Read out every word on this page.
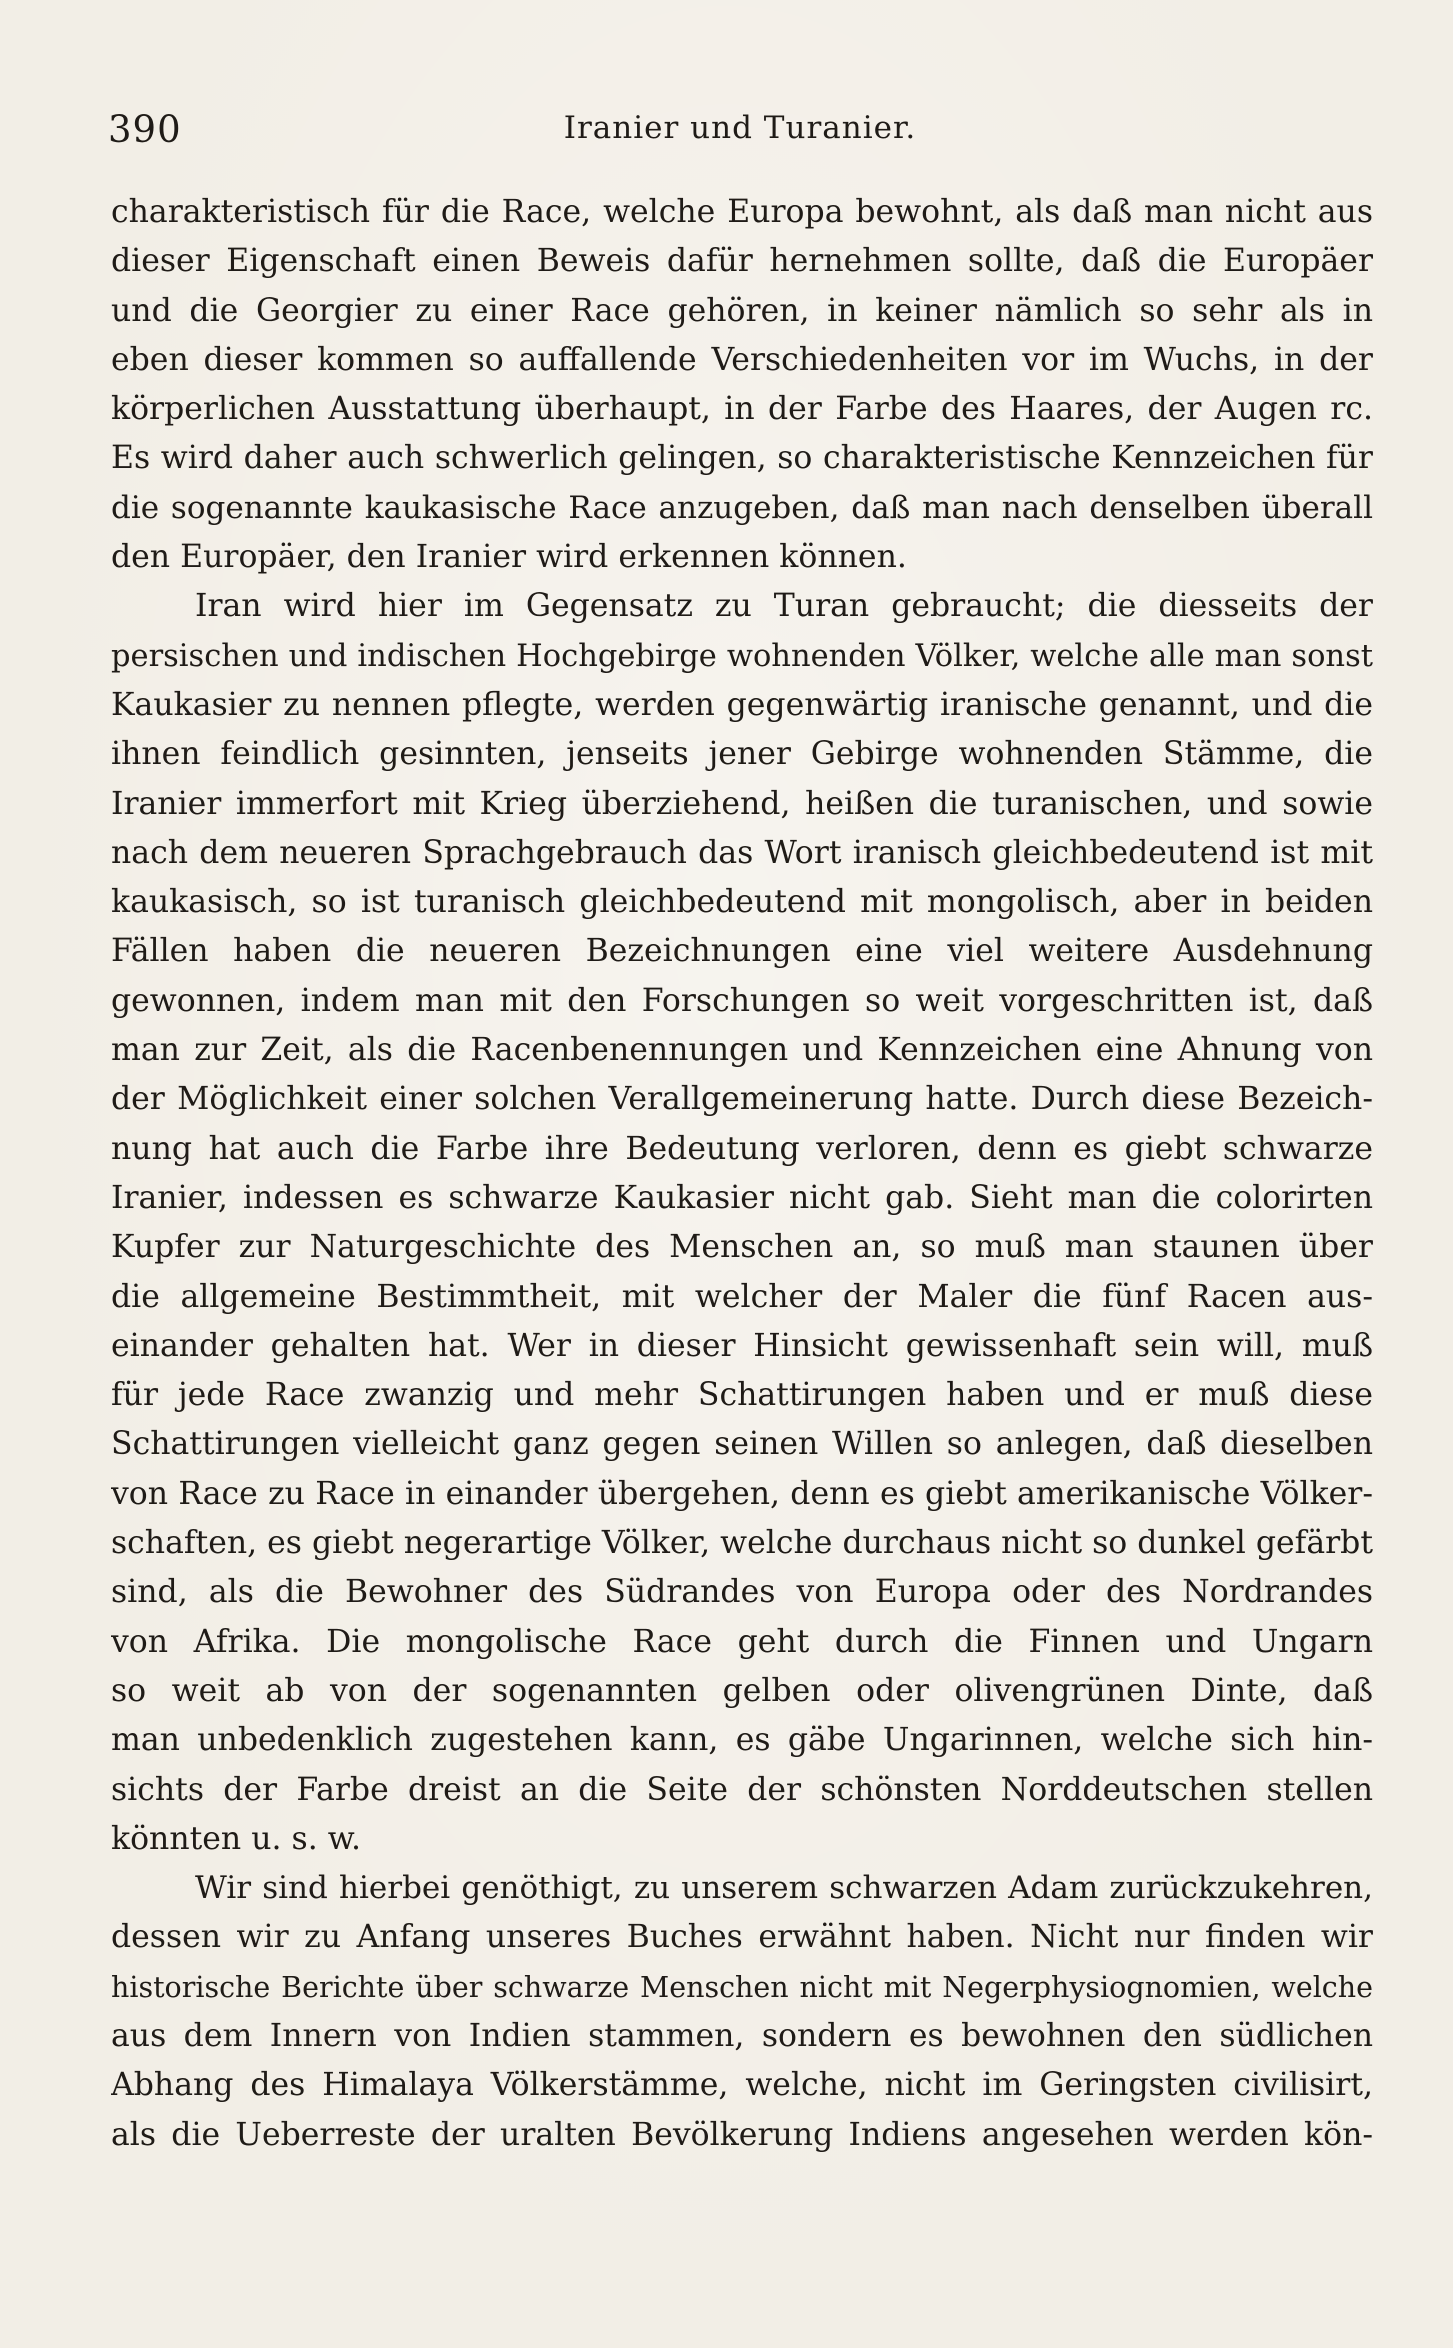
390	Iranier und Turanier.
charakteristisch für die Race, welche Europa bewohnt, als daß man nicht aus
dieser Eigenschaft einen Beweis dafür hernehmen sollte, daß die Europäer
und die Georgier zu einer Race gehören, in keiner nämlich so sehr als in
eben dieser kommen so auffallende Verschiedenheiten vor im Wuchs, in der
körperlichen Ausstattung überhaupt, in der Farbe des Haares, der Augen rc.
Es wird daher auch schwerlich gelingen, so charakteristische Kennzeichen für
die sogenannte kaukasische Race anzugeben, daß man nach denselben überall
den Europäer, den Iranier wird erkennen können.
Iran wird hier im Gegensatz zu Turan gebraucht; die diesseits der
persischen und indischen Hochgebirge wohnenden Völker, welche alle man sonst
Kaukasier zu nennen pflegte, werden gegenwärtig iranische genannt, und die
ihnen feindlich gesinnten, jenseits jener Gebirge wohnenden Stämme, die
Iranier immerfort mit Krieg überziehend, heißen die turanischen, und sowie
nach dem neueren Sprachgebrauch das Wort iranisch gleichbedeutend ist mit
kaukasisch, so ist turanisch gleichbedeutend mit mongolisch, aber in beiden
Fällen haben die neueren Bezeichnungen eine viel weitere Ausdehnung
gewonnen, indem man mit den Forschungen so weit vorgeschritten ist, daß
man zur Zeit, als die Racenbenennungen und Kennzeichen eine Ahnung von
der Möglichkeit einer solchen Verallgemeinerung hatte. Durch diese Bezeich-
nung hat auch die Farbe ihre Bedeutung verloren, denn es giebt schwarze
Iranier, indessen es schwarze Kaukasier nicht gab. Sieht man die colorirten
Kupfer zur Naturgeschichte des Menschen an, so muß man staunen über
die allgemeine Bestimmtheit, mit welcher der Maler die fünf Racen aus-
einander gehalten hat. Wer in dieser Hinsicht gewissenhaft sein will, muß
für jede Race zwanzig und mehr Schattirungen haben und er muß diese
Schattirungen vielleicht ganz gegen seinen Willen so anlegen, daß dieselben
von Race zu Race in einander übergehen, denn es giebt amerikanische Völker-
schaften, es giebt negerartige Völker, welche durchaus nicht so dunkel gefärbt
sind, als die Bewohner des Südrandes von Europa oder des Nordrandes
von Afrika. Die mongolische Race geht durch die Finnen und Ungarn
so weit ab von der sogenannten gelben oder olivengrünen Dinte, daß
man unbedenklich zugestehen kann, es gäbe Ungarinnen, welche sich hin-
sichts der Farbe dreist an die Seite der schönsten Norddeutschen stellen
könnten u. s. w.
Wir sind hierbei genöthigt, zu unserem schwarzen Adam zurückzukehren,
dessen wir zu Anfang unseres Buches erwähnt haben. Nicht nur finden wir
historische Berichte über schwarze Menschen nicht mit Negerphysiognomien, welche
aus dem Innern von Indien stammen, sondern es bewohnen den südlichen
Abhang des Himalaya Völkerstämme, welche, nicht im Geringsten civilisirt,
als die Ueberreste der uralten Bevölkerung Indiens angesehen werden kön-
